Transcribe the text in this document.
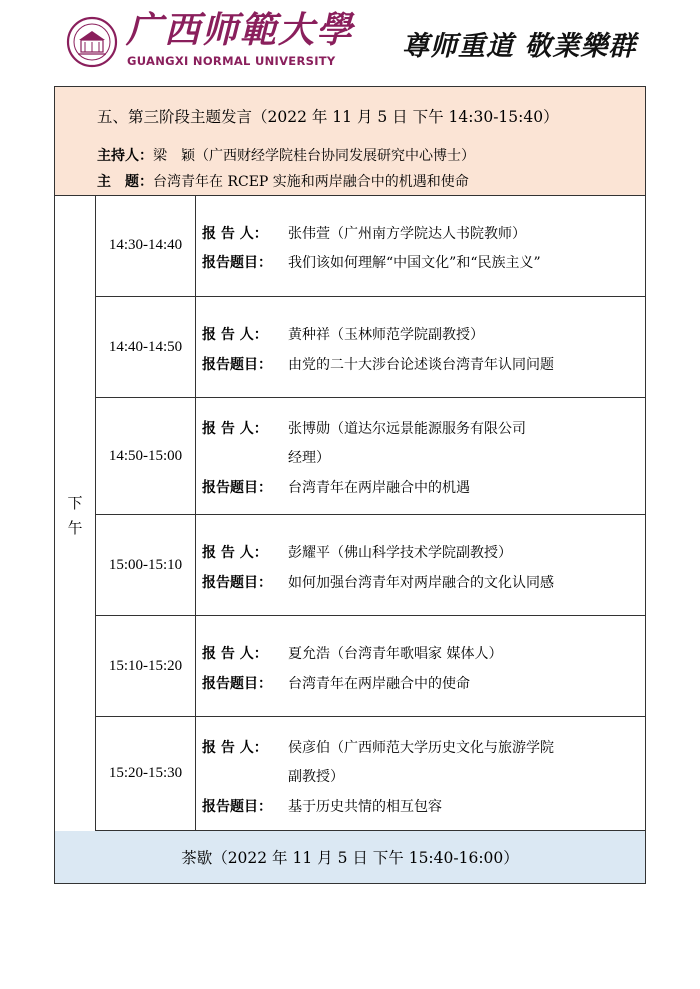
广西师範大學
GUANGXI NORMAL UNIVERSITY 尊师重道 敬業樂群
五、第三阶段主题发言（2022 年 11 月 5 日 下午 14:30-15:40）
主持人：梁　颖（广西财经学院桂台协同发展研究中心博士）
主　题：台湾青年在 RCEP 实施和两岸融合中的机遇和使命
下午
14:30-14:40
报 告 人： 张伟萱（广州南方学院达人书院教师）
报告题目： 我们该如何理解“中国文化”和“民族主义”
14:40-14:50
报 告 人： 黄种祥（玉林师范学院副教授）
报告题目： 由党的二十大涉台论述谈台湾青年认同问题
14:50-15:00
报 告 人： 张博勋（道达尔远景能源服务有限公司
经理）
报告题目： 台湾青年在两岸融合中的机遇
15:00-15:10
报 告 人： 彭耀平（佛山科学技术学院副教授）
报告题目： 如何加强台湾青年对两岸融合的文化认同感
15:10-15:20
报 告 人： 夏允浩（台湾青年歌唱家 媒体人）
报告题目： 台湾青年在两岸融合中的使命
15:20-15:30
报 告 人： 侯彦伯（广西师范大学历史文化与旅游学院
副教授）
报告题目： 基于历史共情的相互包容
茶歇（2022 年 11 月 5 日 下午 15:40-16:00）
